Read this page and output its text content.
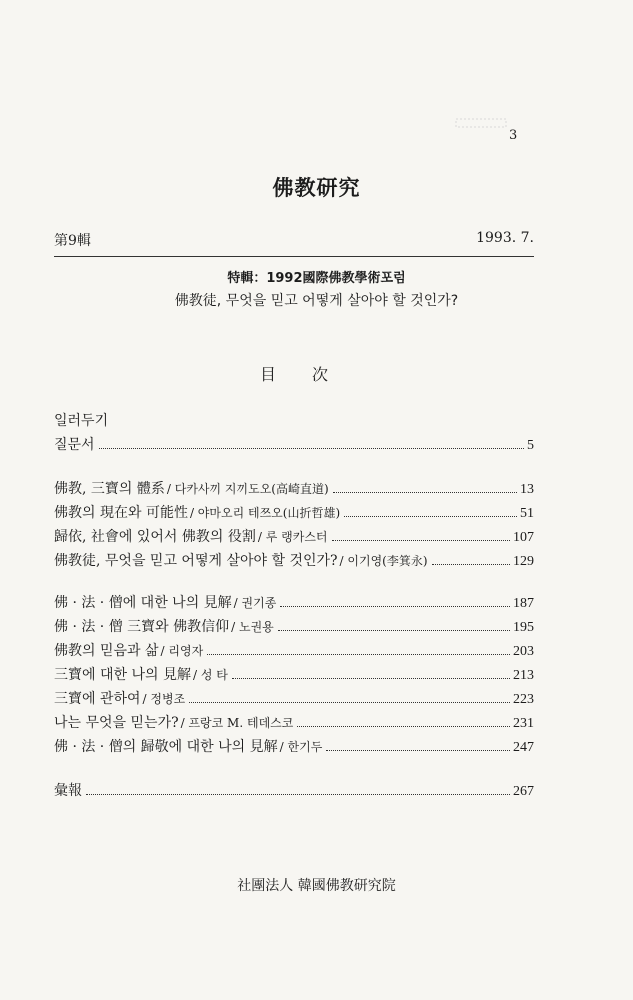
3
佛教研究
第9輯	1993. 7.
特輯：1992國際佛教學術포럼
佛教徒, 무엇을 믿고 어떻게 살아야 할 것인가?
目次
일러두기
질문서	5
佛教, 三寶의 體系 / 다카사끼 지끼도오(高崎直道)	13
佛教의 現在와 可能性 / 야마오리 테쯔오(山折哲雄)	51
歸依, 社會에 있어서 佛教의 役割 / 루 랭카스터	107
佛教徒, 무엇을 믿고 어떻게 살아야 할 것인가? / 이기영(李箕永)	129
佛 · 法 · 僧에 대한 나의 見解 / 권기종	187
佛 · 法 · 僧 三寶와 佛教信仰 / 노권용	195
佛教의 믿음과 삶 / 리영자	203
三寶에 대한 나의 見解 / 성 타	213
三寶에 관하여 / 정병조	223
나는 무엇을 믿는가? / 프랑코 M. 테데스코	231
佛 · 法 · 僧의 歸敬에 대한 나의 見解 / 한기두	247
彙報	267
社團法人 韓國佛教研究院
